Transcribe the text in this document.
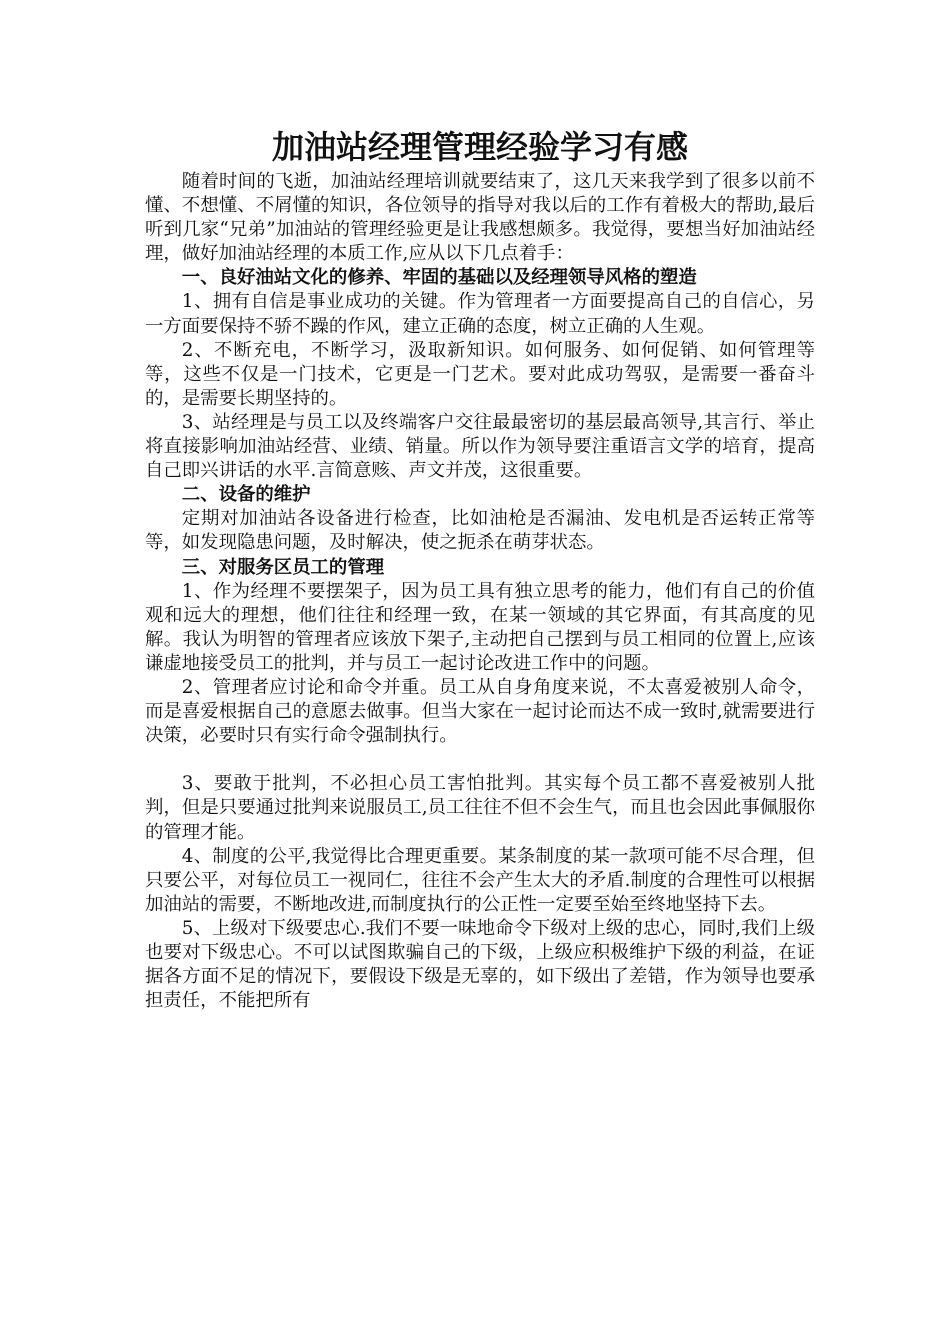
加油站经理管理经验学习有感

随着时间的飞逝，加油站经理培训就要结束了，这几天来我学到了很多以前不懂、不想懂、不屑懂的知识，各位领导的指导对我以后的工作有着极大的帮助,最后听到几家“兄弟”加油站的管理经验更是让我感想颇多。我觉得，要想当好加油站经理，做好加油站经理的本质工作,应从以下几点着手：

一、良好油站文化的修养、牢固的基础以及经理领导风格的塑造

1、拥有自信是事业成功的关键。作为管理者一方面要提高自己的自信心，另一方面要保持不骄不躁的作风，建立正确的态度，树立正确的人生观。

2、不断充电，不断学习，汲取新知识。如何服务、如何促销、如何管理等等，这些不仅是一门技术，它更是一门艺术。要对此成功驾驭，是需要一番奋斗的，是需要长期坚持的。

3、站经理是与员工以及终端客户交往最最密切的基层最高领导,其言行、举止将直接影响加油站经营、业绩、销量。所以作为领导要注重语言文学的培育，提高自己即兴讲话的水平.言简意赅、声文并茂，这很重要。

二、设备的维护

定期对加油站各设备进行检查，比如油枪是否漏油、发电机是否运转正常等等，如发现隐患问题，及时解决，使之扼杀在萌芽状态。

三、对服务区员工的管理

1、作为经理不要摆架子，因为员工具有独立思考的能力，他们有自己的价值观和远大的理想，他们往往和经理一致，在某一领域的其它界面，有其高度的见解。我认为明智的管理者应该放下架子,主动把自己摆到与员工相同的位置上,应该谦虚地接受员工的批判，并与员工一起讨论改进工作中的问题。

2、管理者应讨论和命令并重。员工从自身角度来说，不太喜爱被别人命令，而是喜爱根据自己的意愿去做事。但当大家在一起讨论而达不成一致时,就需要进行决策，必要时只有实行命令强制执行。

3、要敢于批判，不必担心员工害怕批判。其实每个员工都不喜爱被别人批判，但是只要通过批判来说服员工,员工往往不但不会生气，而且也会因此事佩服你的管理才能。

4、制度的公平,我觉得比合理更重要。某条制度的某一款项可能不尽合理，但只要公平，对每位员工一视同仁，往往不会产生太大的矛盾.制度的合理性可以根据加油站的需要，不断地改进,而制度执行的公正性一定要至始至终地坚持下去。

5、上级对下级要忠心.我们不要一味地命令下级对上级的忠心，同时,我们上级也要对下级忠心。不可以试图欺骗自己的下级，上级应积极维护下级的利益，在证据各方面不足的情况下，要假设下级是无辜的，如下级出了差错，作为领导也要承担责任，不能把所有
